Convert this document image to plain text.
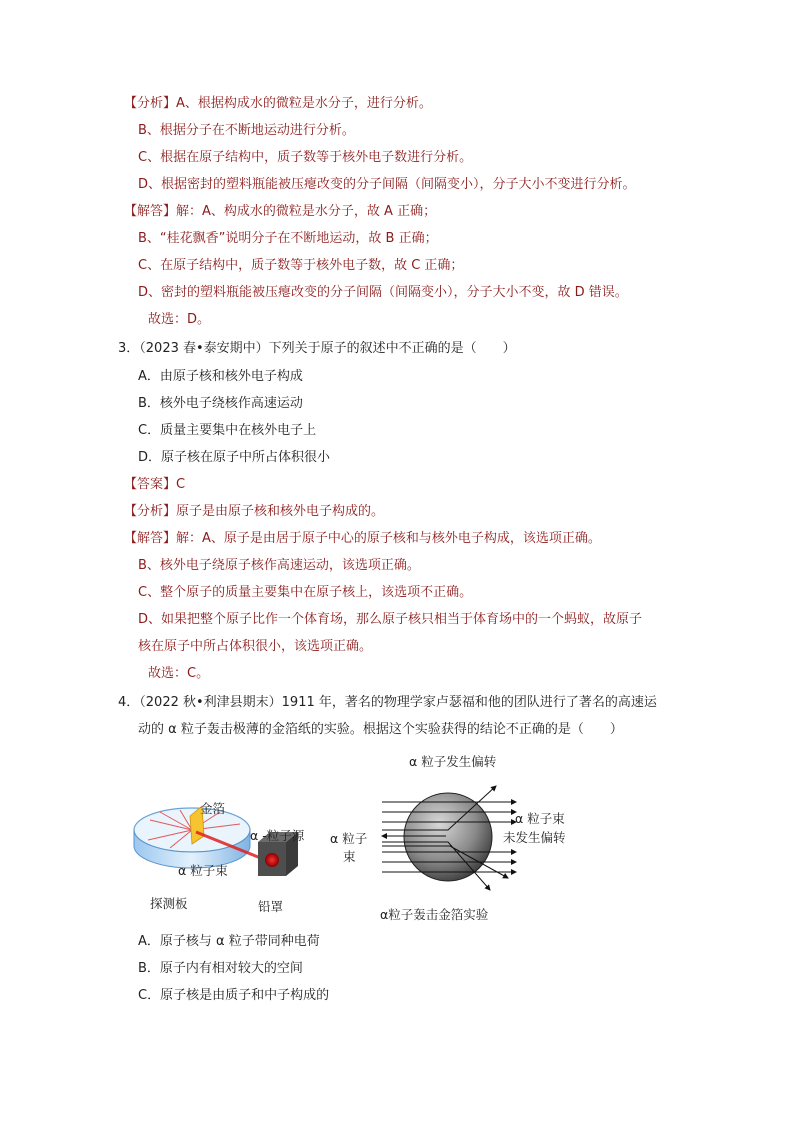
【分析】A、根据构成水的微粒是水分子，进行分析。
B、根据分子在不断地运动进行分析。
C、根据在原子结构中，质子数等于核外电子数进行分析。
D、根据密封的塑料瓶能被压瘪改变的分子间隔（间隔变小），分子大小不变进行分析。
【解答】解：A、构成水的微粒是水分子，故 A 正确；
B、“桂花飘香”说明分子在不断地运动，故 B 正确；
C、在原子结构中，质子数等于核外电子数，故 C 正确；
D、密封的塑料瓶能被压瘪改变的分子间隔（间隔变小），分子大小不变，故 D 错误。
故选：D。
3．（2023 春•泰安期中）下列关于原子的叙述中不正确的是（　　）
A．由原子核和核外电子构成
B．核外电子绕核作高速运动
C．质量主要集中在核外电子上
D．原子核在原子中所占体积很小
【答案】C
【分析】原子是由原子核和核外电子构成的。
【解答】解：A、原子是由居于原子中心的原子核和与核外电子构成，该选项正确。
B、核外电子绕原子核作高速运动，该选项正确。
C、整个原子的质量主要集中在原子核上，该选项不正确。
D、如果把整个原子比作一个体育场，那么原子核只相当于体育场中的一个蚂蚁，故原子
核在原子中所占体积很小，该选项正确。
故选：C。
4．（2022 秋•利津县期末）1911 年，著名的物理学家卢瑟福和他的团队进行了著名的高速运
动的 α 粒子轰击极薄的金箔纸的实验。根据这个实验获得的结论不正确的是（　　）
金箔
α -粒子源
α 粒子束
探测板	铅罩
α 粒子发生偏转
α 粒子
束
α 粒子束
未发生偏转
α粒子轰击金箔实验
A．原子核与 α 粒子带同种电荷
B．原子内有相对较大的空间
C．原子核是由质子和中子构成的
